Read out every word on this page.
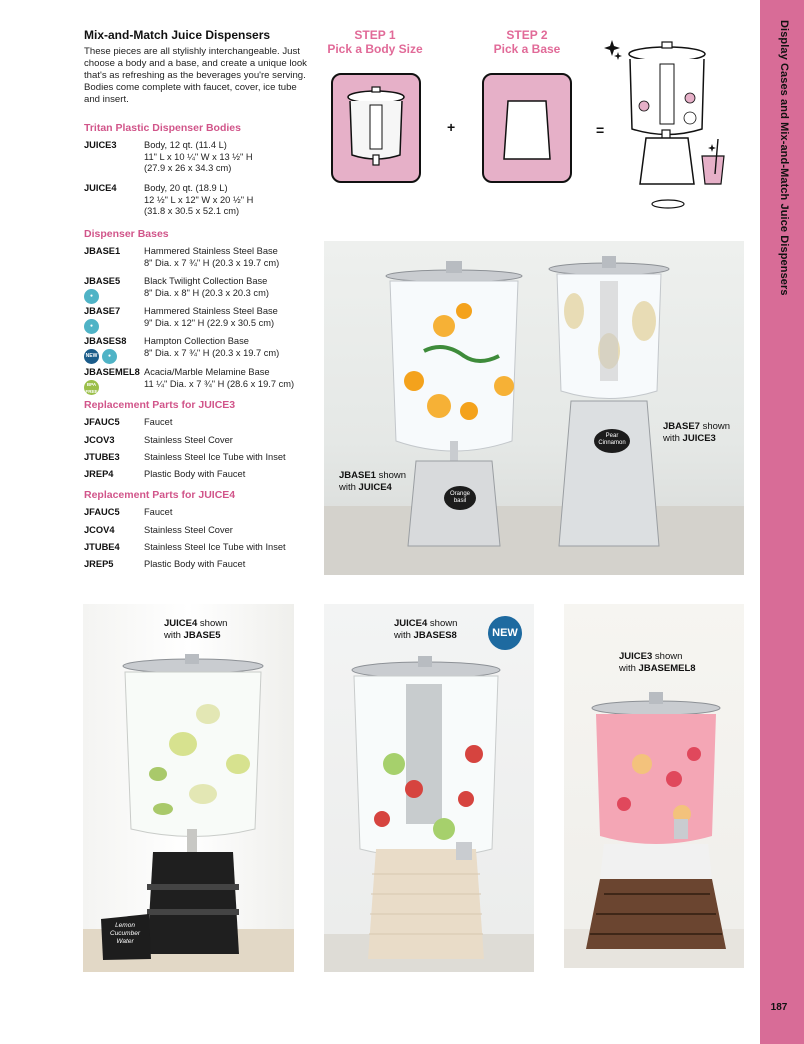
Display Cases and Mix-and-Match Juice Dispensers
187
Mix-and-Match Juice Dispensers

These pieces are all stylishly interchangeable. Just choose a body and a base, and create a unique look that's as refreshing as the beverages you're serving. Bodies come complete with faucet, cover, ice tube and insert.

Tritan Plastic Dispenser Bodies
JUICE3	Body, 12 qt. (11.4 L)
11" L x 10 ¼" W x 13 ½" H
(27.9 x 26 x 34.3 cm)
JUICE4	Body, 20 qt. (18.9 L)
12 ½" L x 12" W x 20 ½" H
(31.8 x 30.5 x 52.1 cm)
Dispenser Bases
JBASE1	Hammered Stainless Steel Base
8" Dia. x 7 ¾" H (20.3 x 19.7 cm)
JBASE5
●
Black Twilight Collection Base
8" Dia. x 8" H (20.3 x 20.3 cm)
JBASE7
●
Hammered Stainless Steel Base
9" Dia. x 12" H (22.9 x 30.5 cm)
JBASES8
NEW	●
Hampton Collection Base
8" Dia. x 7 ¾" H (20.3 x 19.7 cm)
JBASEMEL8
BPA FREE
Acacia/Marble Melamine Base
11 ¼" Dia. x 7 ¾" H (28.6 x 19.7 cm)
Replacement Parts for JUICE3
JFAUC5	Faucet
JCOV3	Stainless Steel Cover
JTUBE3	Stainless Steel Ice Tube with Inset
JREP4	Plastic Body with Faucet
Replacement Parts for JUICE4
JFAUC5	Faucet
JCOV4	Stainless Steel Cover
JTUBE4	Stainless Steel Ice Tube with Inset
JREP5	Plastic Body with Faucet
STEP 1
Pick a Body Size
STEP 2
Pick a Base
+	=
Orange
basil
Pear
Cinnamon
JBASE1 shown
with JUICE4
JBASE7 shown
with JUICE3
Lemon
Cucumber
Water
JUICE4 shown
with JBASE5	NEW
JUICE4 shown
with JBASES8
JUICE3 shown
with JBASEMEL8
